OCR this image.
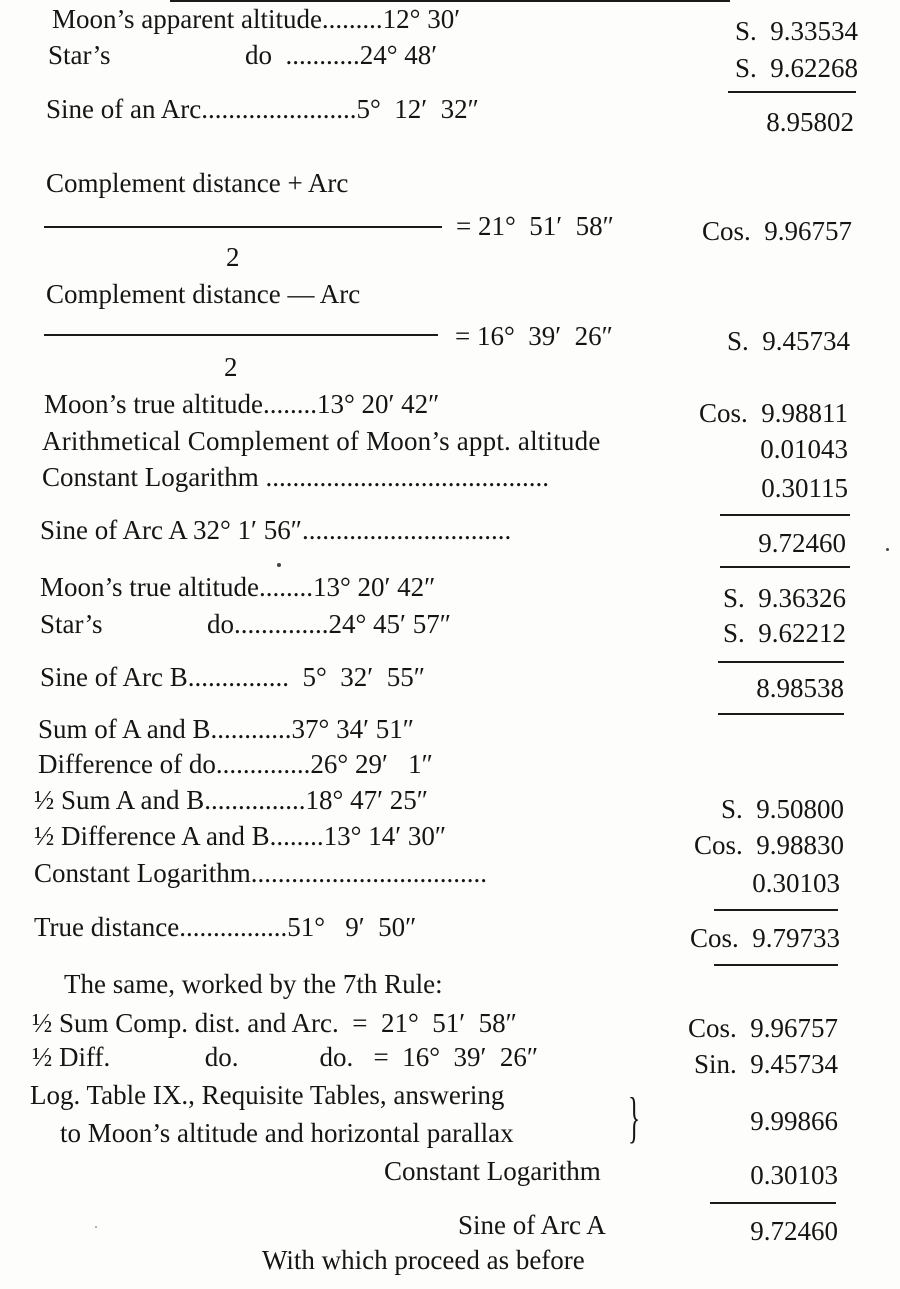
Moon’s apparent altitude.........12° 30′	S.  9.33534
Star’s	do  ...........24° 48′	S.  9.62268
Sine of an Arc.......................5°  12′  32″	8.95802
Complement distance + Arc
2
= 21°  51′  58″	Cos.  9.96757
Complement distance — Arc
2
= 16°  39′  26″	S.  9.45734
Moon’s true altitude........13° 20′ 42″	Cos.  9.98811
Arithmetical Complement of Moon’s appt. altitude	0.01043
Constant Logarithm ..........................................	0.30115
Sine of Arc A 32° 1′ 56″...............................	9.72460
Moon’s true altitude........13° 20′ 42″	S.  9.36326
Star’s	do..............24° 45′ 57″	S.  9.62212
Sine of Arc B...............  5°  32′  55″	8.98538
Sum of A and B............37° 34′ 51″
Difference of do..............26° 29′   1″
½ Sum A and B...............18° 47′ 25″	S.  9.50800
½ Difference A and B........13° 14′ 30″	Cos.  9.98830
Constant Logarithm...................................	0.30103
True distance................51°   9′  50″	Cos.  9.79733
The same, worked by the 7th Rule:
½ Sum Comp. dist. and Arc.  =  21°  51′  58″	Cos.  9.96757
½ Diff.              do.            do.   =  16°  39′  26″	Sin.  9.45734
Log. Table IX., Requisite Tables, answering
to Moon’s altitude and horizontal parallax }	9.99866
Constant Logarithm	0.30103
Sine of Arc A	9.72460
With which proceed as before
